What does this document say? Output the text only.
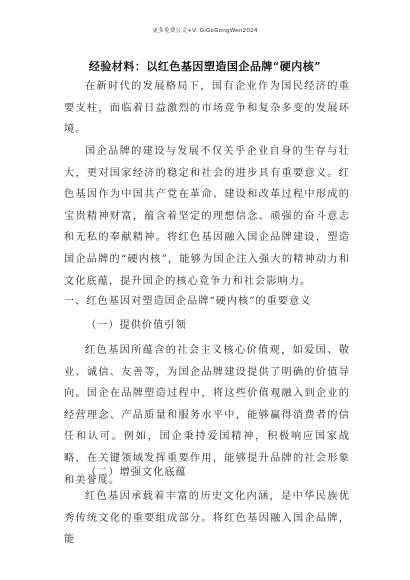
更多免费公文+V: GiGeGongWen2024
经验材料：以红色基因塑造国企品牌“硬内核”
在新时代的发展格局下，国有企业作为国民经济的重要支柱，面临着日益激烈的市场竞争和复杂多变的发展环境。
国企品牌的建设与发展不仅关乎企业自身的生存与壮大，更对国家经济的稳定和社会的进步具有重要意义。红色基因作为中国共产党在革命、建设和改革过程中形成的宝贵精神财富，蕴含着坚定的理想信念、顽强的奋斗意志和无私的奉献精神。将红色基因融入国企品牌建设，塑造国企品牌的“硬内核”，能够为国企注入强大的精神动力和文化底蕴，提升国企的核心竞争力和社会影响力。
一、红色基因对塑造国企品牌“硬内核”的重要意义
（一）提供价值引领
红色基因所蕴含的社会主义核心价值观，如爱国、敬业、诚信、友善等，为国企品牌建设提供了明确的价值导向。国企在品牌塑造过程中，将这些价值观融入到企业的经营理念、产品质量和服务水平中，能够赢得消费者的信任和认可。例如，国企秉持爱国精神，积极响应国家战略，在关键领域发挥重要作用，能够提升品牌的社会形象和美誉度。
（二）增强文化底蕴
红色基因承载着丰富的历史文化内涵，是中华民族优秀传统文化的重要组成部分。将红色基因融入国企品牌，能
